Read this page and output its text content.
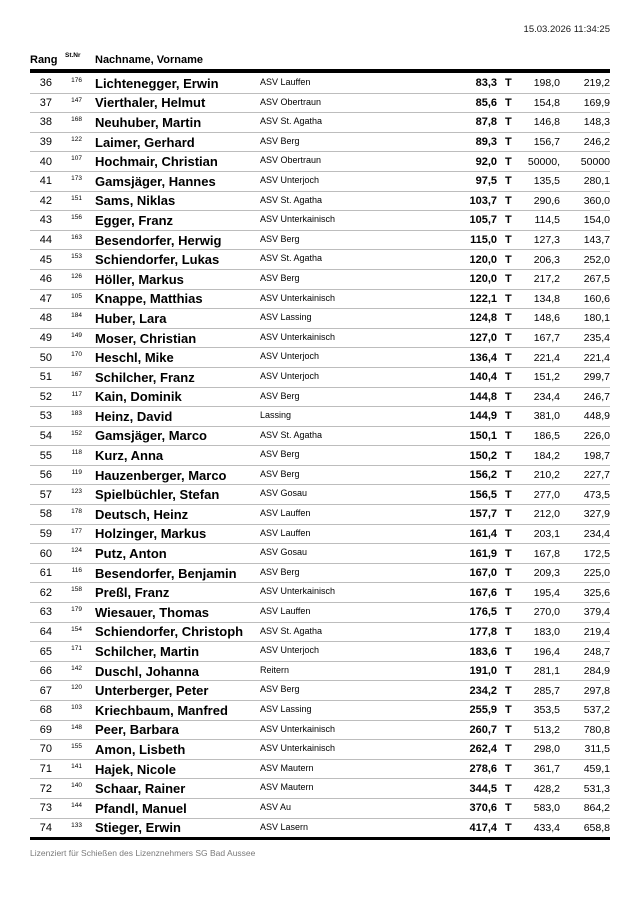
15.03.2026 11:34:25
Rang St.Nr Nachname, Vorname
36	176 Lichtenegger, Erwin	ASV Lauffen	83,3 T	198,0	219,2
37	147 Vierthaler, Helmut	ASV Obertraun	85,6 T	154,8	169,9
38	168 Neuhuber, Martin	ASV St. Agatha	87,8 T	146,8	148,3
39	122 Laimer, Gerhard	ASV Berg	89,3 T	156,7	246,2
40	107 Hochmair, Christian	ASV Obertraun	92,0 T	50000,	50000
41	173 Gamsjäger, Hannes	ASV Unterjoch	97,5 T	135,5	280,1
42	151 Sams, Niklas	ASV St. Agatha	103,7 T	290,6	360,0
43	156 Egger, Franz	ASV Unterkainisch	105,7 T	114,5	154,0
44	163 Besendorfer, Herwig	ASV Berg	115,0 T	127,3	143,7
45	153 Schiendorfer, Lukas	ASV St. Agatha	120,0 T	206,3	252,0
46	126 Höller, Markus	ASV Berg	120,0 T	217,2	267,5
47	105 Knappe, Matthias	ASV Unterkainisch	122,1 T	134,8	160,6
48	184 Huber, Lara	ASV Lassing	124,8 T	148,6	180,1
49	149 Moser, Christian	ASV Unterkainisch	127,0 T	167,7	235,4
50	170 Heschl, Mike	ASV Unterjoch	136,4 T	221,4	221,4
51	167 Schilcher, Franz	ASV Unterjoch	140,4 T	151,2	299,7
52	117 Kain, Dominik	ASV Berg	144,8 T	234,4	246,7
53	183 Heinz, David	Lassing	144,9 T	381,0	448,9
54	152 Gamsjäger, Marco	ASV St. Agatha	150,1 T	186,5	226,0
55	118 Kurz, Anna	ASV Berg	150,2 T	184,2	198,7
56	119 Hauzenberger, Marco	ASV Berg	156,2 T	210,2	227,7
57	123 Spielbüchler, Stefan	ASV Gosau	156,5 T	277,0	473,5
58	178 Deutsch, Heinz	ASV Lauffen	157,7 T	212,0	327,9
59	177 Holzinger, Markus	ASV Lauffen	161,4 T	203,1	234,4
60	124 Putz, Anton	ASV Gosau	161,9 T	167,8	172,5
61	116 Besendorfer, Benjamin	ASV Berg	167,0 T	209,3	225,0
62	158 Preßl, Franz	ASV Unterkainisch	167,6 T	195,4	325,6
63	179 Wiesauer, Thomas	ASV Lauffen	176,5 T	270,0	379,4
64	154 Schiendorfer, Christoph	ASV St. Agatha	177,8 T	183,0	219,4
65	171 Schilcher, Martin	ASV Unterjoch	183,6 T	196,4	248,7
66	142 Duschl, Johanna	Reitern	191,0 T	281,1	284,9
67	120 Unterberger, Peter	ASV Berg	234,2 T	285,7	297,8
68	103 Kriechbaum, Manfred	ASV Lassing	255,9 T	353,5	537,2
69	148 Peer, Barbara	ASV Unterkainisch	260,7 T	513,2	780,8
70	155 Amon, Lisbeth	ASV Unterkainisch	262,4 T	298,0	311,5
71	141 Hajek, Nicole	ASV Mautern	278,6 T	361,7	459,1
72	140 Schaar, Rainer	ASV Mautern	344,5 T	428,2	531,3
73	144 Pfandl, Manuel	ASV Au	370,6 T	583,0	864,2
74	133 Stieger, Erwin	ASV Lasern	417,4 T	433,4	658,8
Lizenziert für Schießen des Lizenznehmers SG Bad Aussee
